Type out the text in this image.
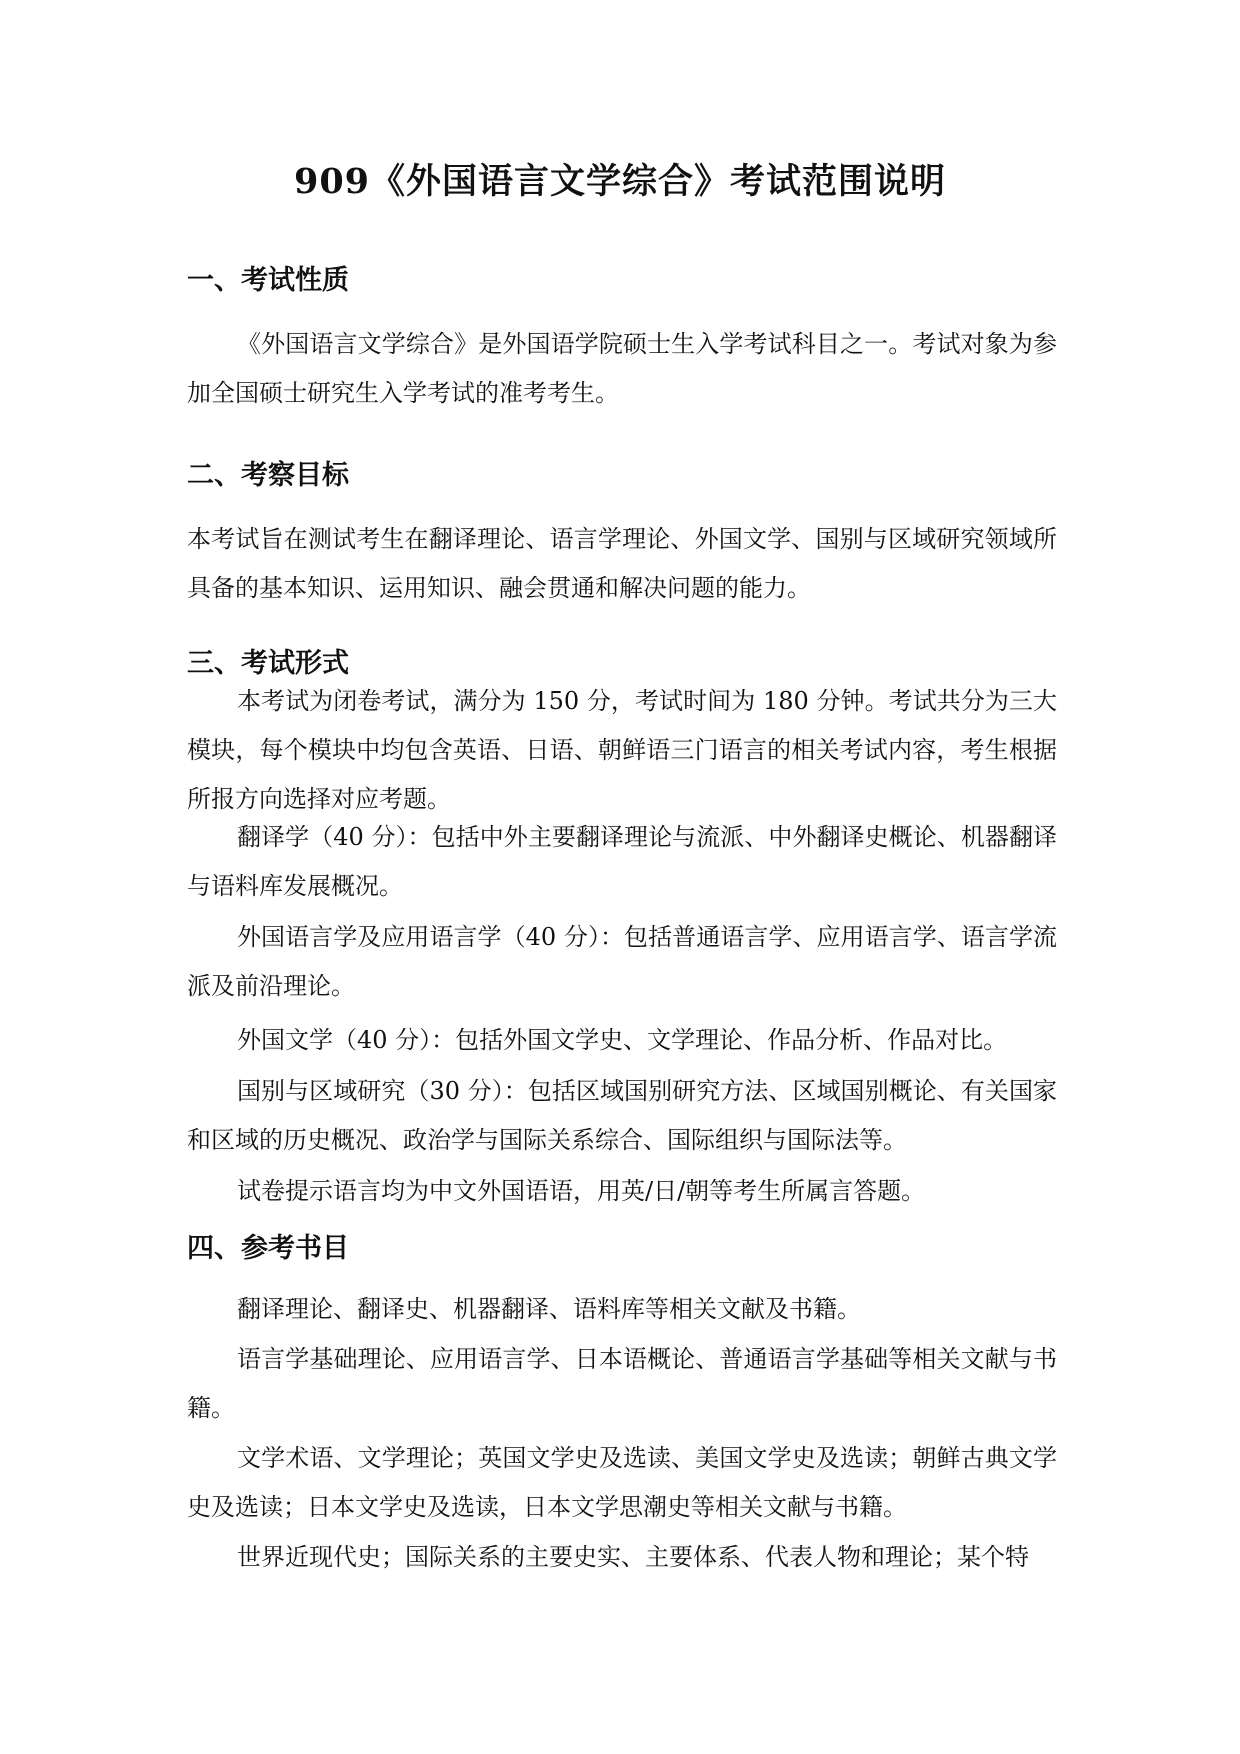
909《外国语言文学综合》考试范围说明
一、考试性质
《外国语言文学综合》是外国语学院硕士生入学考试科目之一。考试对象为参加全国硕士研究生入学考试的准考考生。
二、考察目标
本考试旨在测试考生在翻译理论、语言学理论、外国文学、国别与区域研究领域所具备的基本知识、运用知识、融会贯通和解决问题的能力。
三、考试形式
本考试为闭卷考试，满分为 150 分，考试时间为 180 分钟。考试共分为三大模块，每个模块中均包含英语、日语、朝鲜语三门语言的相关考试内容，考生根据所报方向选择对应考题。
翻译学（40 分）：包括中外主要翻译理论与流派、中外翻译史概论、机器翻译与语料库发展概况。
外国语言学及应用语言学（40 分）：包括普通语言学、应用语言学、语言学流派及前沿理论。
外国文学（40 分）：包括外国文学史、文学理论、作品分析、作品对比。
国别与区域研究（30 分）：包括区域国别研究方法、区域国别概论、有关国家和区域的历史概况、政治学与国际关系综合、国际组织与国际法等。
试卷提示语言均为中文外国语语，用英/日/朝等考生所属言答题。
四、参考书目
翻译理论、翻译史、机器翻译、语料库等相关文献及书籍。
语言学基础理论、应用语言学、日本语概论、普通语言学基础等相关文献与书籍。
文学术语、文学理论；英国文学史及选读、美国文学史及选读；朝鲜古典文学史及选读；日本文学史及选读，日本文学思潮史等相关文献与书籍。
世界近现代史；国际关系的主要史实、主要体系、代表人物和理论；某个特
